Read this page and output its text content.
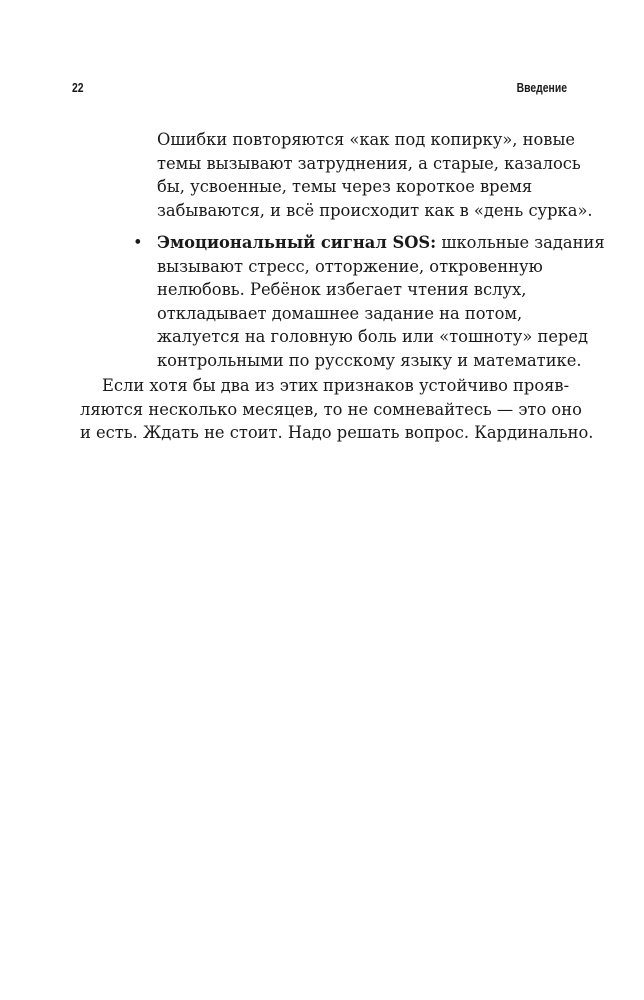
22	Введение
Ошибки повторяются «как под копирку», новые
темы вызывают затруднения, а старые, казалось
бы, усвоенные, темы через короткое время
забываются, и всё происходит как в «день сурка».
• Эмоциональный сигнал SOS: школьные задания
вызывают стресс, отторжение, откровенную
нелюбовь. Ребёнок избегает чтения вслух,
откладывает домашнее задание на потом,
жалуется на головную боль или «тошноту» перед
контрольными по русскому языку и математике.
Если хотя бы два из этих признаков устойчиво прояв-
ляются несколько месяцев, то не сомневайтесь — это оно
и есть. Ждать не стоит. Надо решать вопрос. Кардинально.
